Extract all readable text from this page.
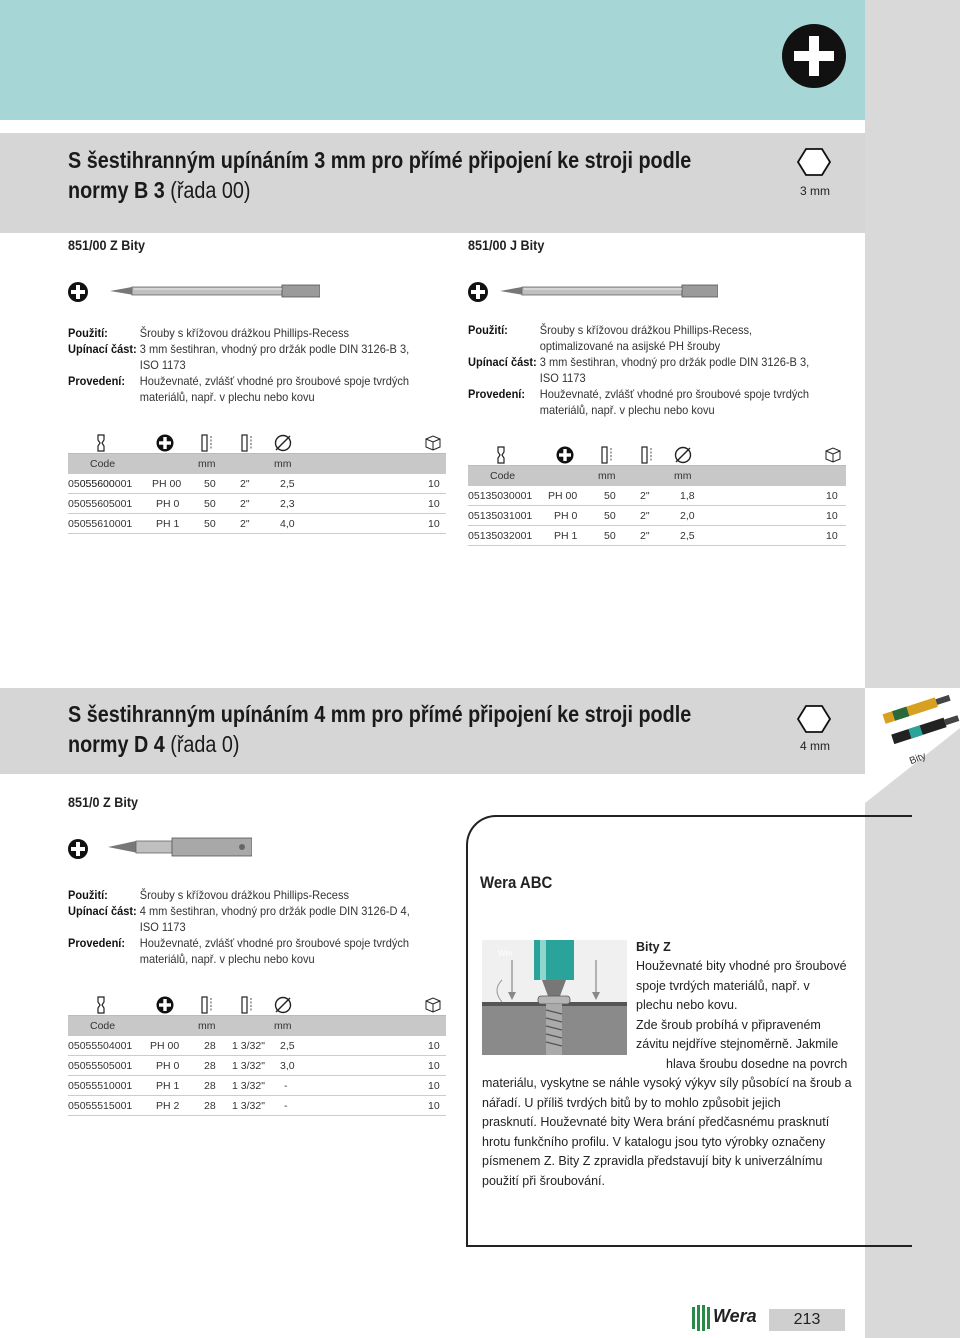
S šestihranným upínáním 3 mm pro přímé připojení ke stroji podle
normy B 3 (řada 00)	3 mm
851/00 Z Bity
Použití:	Šrouby s křížovou drážkou Phillips-Recess
Upínací část: 3 mm šestihran, vhodný pro držák podle DIN 3126-B 3, ISO 1173
Provedení:	Houževnaté, zvlášť vhodné pro šroubové spoje tvrdých materiálů, např. v plechu nebo kovu
Code	mm	mm
05055600001 PH 00 50 2"	2,5	10
05055605001 PH 0 50 2"	2,3	10
05055610001 PH 1 50 2"	4,0	10
851/00 J Bity
Použití:	Šrouby s křížovou drážkou Phillips-Recess, optimalizované na asijské PH šrouby
Upínací část: 3 mm šestihran, vhodný pro držák podle DIN 3126-B 3, ISO 1173
Provedení:	Houževnaté, zvlášť vhodné pro šroubové spoje tvrdých materiálů, např. v plechu nebo kovu
Code	mm	mm
05135030001 PH 00	50 2"	1,8	10
05135031001 PH 0	50 2"	2,0	10
05135032001 PH 1	50 2"	2,5	10
S šestihranným upínáním 4 mm pro přímé připojení ke stroji podle
normy D 4 (řada 0)	4 mm
Bity
851/0 Z Bity
Použití:	Šrouby s křížovou drážkou Phillips-Recess
Upínací část: 4 mm šestihran, vhodný pro držák podle DIN 3126-D 4, ISO 1173
Provedení:	Houževnaté, zvlášť vhodné pro šroubové spoje tvrdých materiálů, např. v plechu nebo kovu
Code	mm	mm
05055504001 PH 00 28 1 3/32" 2,5	10
05055505001 PH 0 28 1 3/32" 3,0	10
05055510001 PH 1 28 1 3/32" -	10
05055515001 PH 2 28 1 3/32" -	10
Wera ABC
Wm	Bity Z
Houževnaté bity vhodné pro šroubové
spoje tvrdých materiálů, např. v
plechu nebo kovu.
Zde šroub probíhá v připraveném
závitu nejdříve stejnoměrně. Jakmile
hlava šroubu dosedne na povrch
materiálu, vyskytne se náhle vysoký výkyv síly působící na šroub a
nářadí. U příliš tvrdých bitů by to mohlo způsobit jejich
prasknutí. Houževnaté bity Wera brání předčasnému prasknutí
hrotu funkčního profilu. V katalogu jsou tyto výrobky označeny
písmenem Z. Bity Z zpravidla představují bity k univerzálnímu
použití při šroubování.
Wera	213
